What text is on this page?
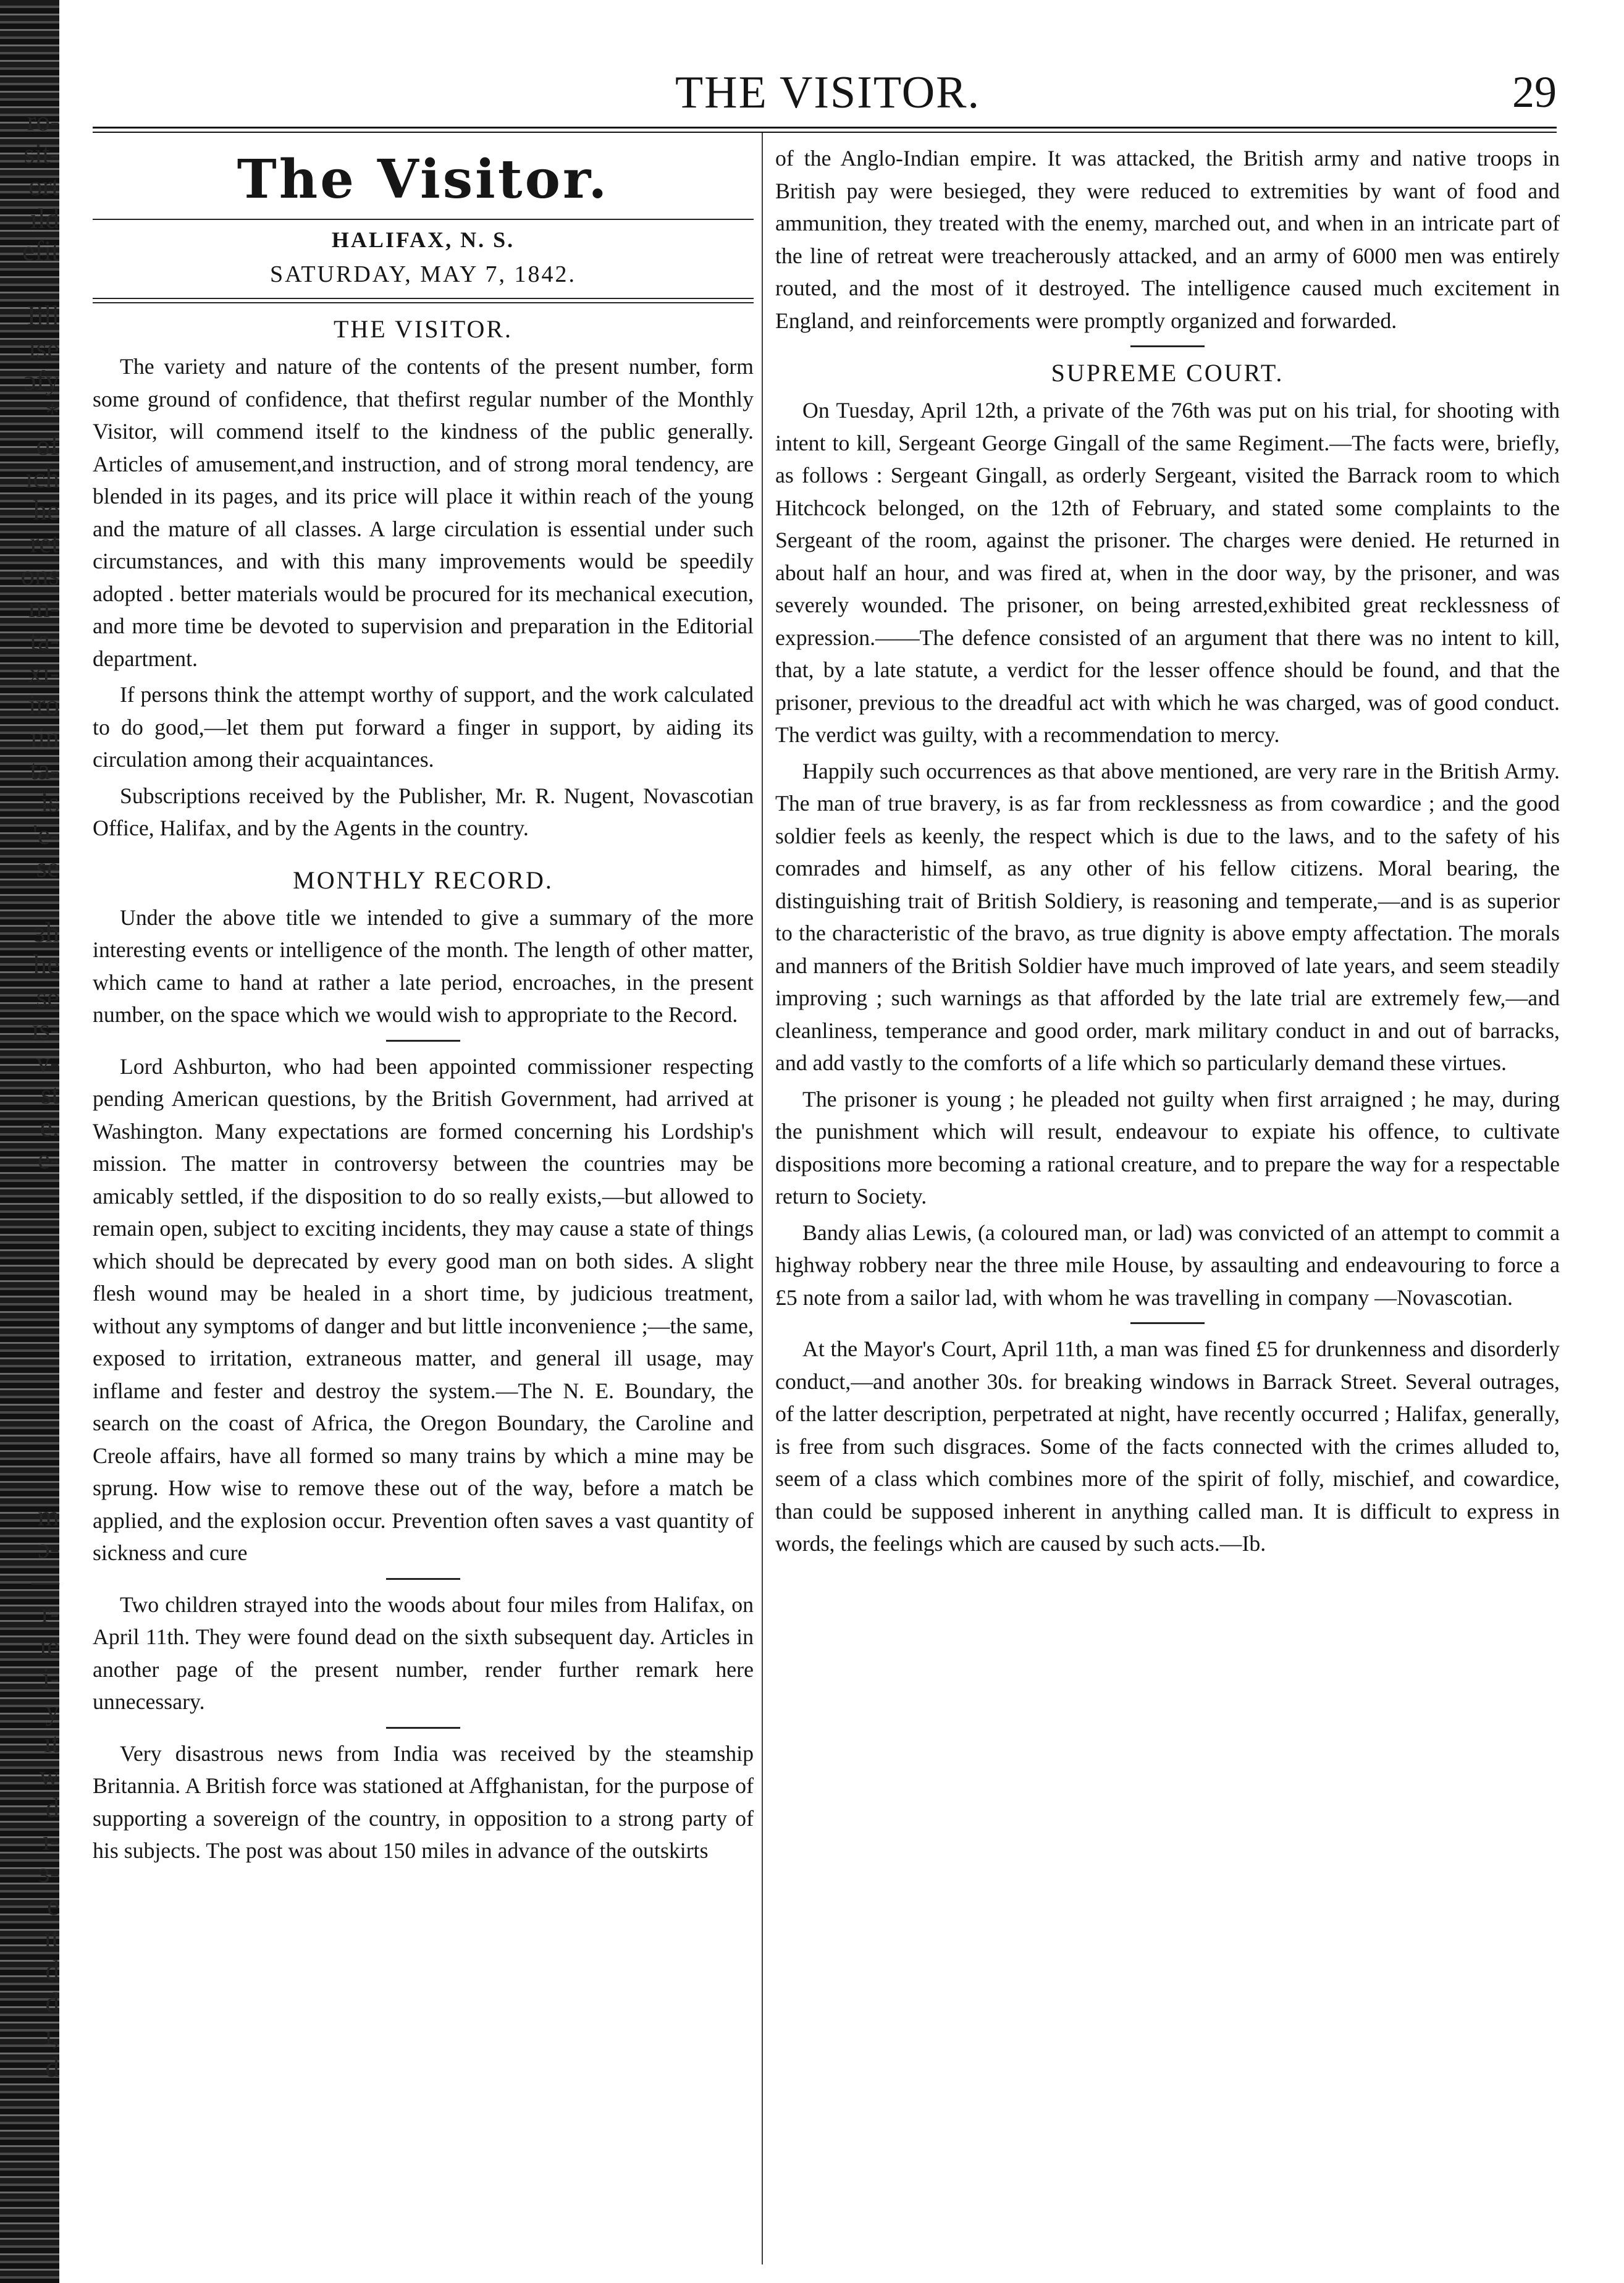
ro-
sit-
ort
ıld
efit
Iill
ıse
ɔfy
*
of
ıch
he
ret
ons
m-
ta-
xı-
iro
ıin
ta-
is
'e-
se
ɜh
he
se
ɪs-
v-
st
e.
e-
m
ɔ-
—
r-
ıe
i-
y
ıt
w
d
ı-
ɜ-
e
ıt
d
d
ı,
d
THE VISITOR.	29
The Visitor.
HALIFAX, N. S.
SATURDAY, MAY 7, 1842.
THE VISITOR.

The variety and nature of the contents of the present number, form some ground of confidence, that thefirst regular number of the Monthly Visitor, will commend itself to the kindness of the public generally. Articles of amusement,and instruction, and of strong moral tendency, are blended in its pages, and its price will place it within reach of the young and the mature of all classes. A large circulation is essential under such circumstances, and with this many improvements would be speedily adopted . better materials would be procured for its mechanical execution, and more time be devoted to supervision and preparation in the Editorial department.

If persons think the attempt worthy of support, and the work calculated to do good,—let them put forward a finger in support, by aiding its circulation among their acquaintances.

Subscriptions received by the Publisher, Mr. R. Nugent, Novascotian Office, Halifax, and by the Agents in the country.

MONTHLY RECORD.

Under the above title we intended to give a summary of the more interesting events or intelligence of the month. The length of other matter, which came to hand at rather a late period, encroaches, in the present number, on the space which we would wish to appropriate to the Record.

Lord Ashburton, who had been appointed commissioner respecting pending American questions, by the British Government, had arrived at Washington. Many expectations are formed concerning his Lordship's mission. The matter in controversy between the countries may be amicably settled, if the disposition to do so really exists,—but allowed to remain open, subject to exciting incidents, they may cause a state of things which should be deprecated by every good man on both sides. A slight flesh wound may be healed in a short time, by judicious treatment, without any symptoms of danger and but little inconvenience ;—the same, exposed to irritation, extraneous matter, and general ill usage, may inflame and fester and destroy the system.—The N. E. Boundary, the search on the coast of Africa, the Oregon Boundary, the Caroline and Creole affairs, have all formed so many trains by which a mine may be sprung. How wise to remove these out of the way, before a match be applied, and the explosion occur. Prevention often saves a vast quantity of sickness and cure

Two children strayed into the woods about four miles from Halifax, on April 11th. They were found dead on the sixth subsequent day. Articles in another page of the present number, render further remark here unnecessary.

Very disastrous news from India was received by the steamship Britannia. A British force was stationed at Affghanistan, for the purpose of supporting a sovereign of the country, in opposition to a strong party of his subjects. The post was about 150 miles in advance of the outskirts

of the Anglo-Indian empire. It was attacked, the British army and native troops in British pay were besieged, they were reduced to extremities by want of food and ammunition, they treated with the enemy, marched out, and when in an intricate part of the line of retreat were treacherously attacked, and an army of 6000 men was entirely routed, and the most of it destroyed. The intelligence caused much excitement in England, and reinforcements were promptly organized and forwarded.

SUPREME COURT.

On Tuesday, April 12th, a private of the 76th was put on his trial, for shooting with intent to kill, Sergeant George Gingall of the same Regiment.—The facts were, briefly, as follows : Sergeant Gingall, as orderly Sergeant, visited the Barrack room to which Hitchcock belonged, on the 12th of February, and stated some complaints to the Sergeant of the room, against the prisoner. The charges were denied. He returned in about half an hour, and was fired at, when in the door way, by the prisoner, and was severely wounded. The prisoner, on being arrested,exhibited great recklessness of expression.——The defence consisted of an argument that there was no intent to kill, that, by a late statute, a verdict for the lesser offence should be found, and that the prisoner, previous to the dreadful act with which he was charged, was of good conduct. The verdict was guilty, with a recommendation to mercy.

Happily such occurrences as that above mentioned, are very rare in the British Army. The man of true bravery, is as far from recklessness as from cowardice ; and the good soldier feels as keenly, the respect which is due to the laws, and to the safety of his comrades and himself, as any other of his fellow citizens. Moral bearing, the distinguishing trait of British Soldiery, is reasoning and temperate,—and is as superior to the characteristic of the bravo, as true dignity is above empty affectation. The morals and manners of the British Soldier have much improved of late years, and seem steadily improving ; such warnings as that afforded by the late trial are extremely few,—and cleanliness, temperance and good order, mark military conduct in and out of barracks, and add vastly to the comforts of a life which so particularly demand these virtues.

The prisoner is young ; he pleaded not guilty when first arraigned ; he may, during the punishment which will result, endeavour to expiate his offence, to cultivate dispositions more becoming a rational creature, and to prepare the way for a respectable return to Society.

Bandy alias Lewis, (a coloured man, or lad) was convicted of an attempt to commit a highway robbery near the three mile House, by assaulting and endeavouring to force a £5 note from a sailor lad, with whom he was travelling in company —Novascotian.

At the Mayor's Court, April 11th, a man was fined £5 for drunkenness and disorderly conduct,—and another 30s. for breaking windows in Barrack Street. Several outrages, of the latter description, perpetrated at night, have recently occurred ; Halifax, generally, is free from such disgraces. Some of the facts connected with the crimes alluded to, seem of a class which combines more of the spirit of folly, mischief, and cowardice, than could be supposed inherent in anything called man. It is difficult to express in words, the feelings which are caused by such acts.—Ib.
